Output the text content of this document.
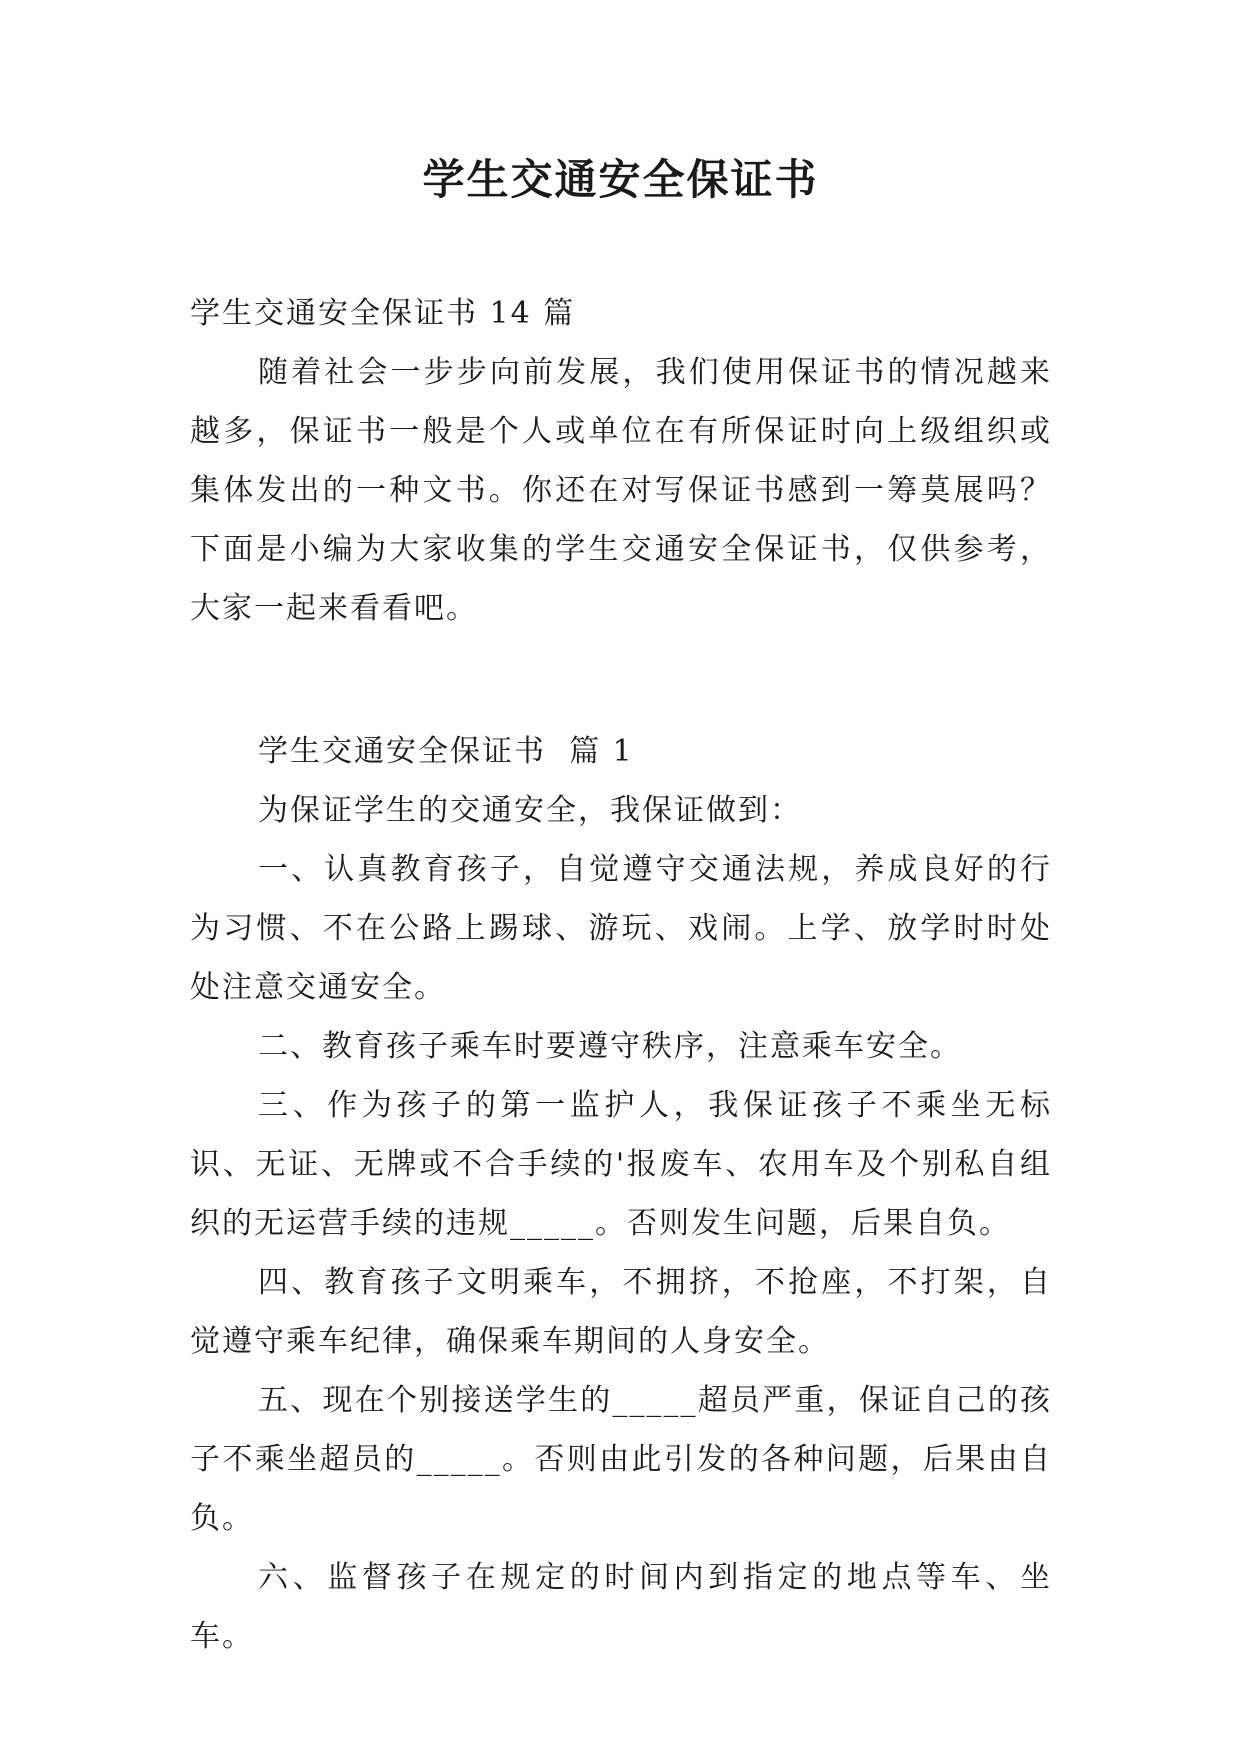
学生交通安全保证书

学生交通安全保证书 14 篇

随着社会一步步向前发展，我们使用保证书的情况越来越多，保证书一般是个人或单位在有所保证时向上级组织或集体发出的一种文书。你还在对写保证书感到一筹莫展吗？下面是小编为大家收集的学生交通安全保证书，仅供参考，大家一起来看看吧。

学生交通安全保证书  篇 1

为保证学生的交通安全，我保证做到：

一、认真教育孩子，自觉遵守交通法规，养成良好的行为习惯、不在公路上踢球、游玩、戏闹。上学、放学时时处处注意交通安全。

二、教育孩子乘车时要遵守秩序，注意乘车安全。

三、作为孩子的第一监护人，我保证孩子不乘坐无标识、无证、无牌或不合手续的'报废车、农用车及个别私自组织的无运营手续的违规_____。否则发生问题，后果自负。

四、教育孩子文明乘车，不拥挤，不抢座，不打架，自觉遵守乘车纪律，确保乘车期间的人身安全。

五、现在个别接送学生的_____超员严重，保证自己的孩子不乘坐超员的_____。否则由此引发的各种问题，后果由自负。

六、监督孩子在规定的时间内到指定的地点等车、坐车。
